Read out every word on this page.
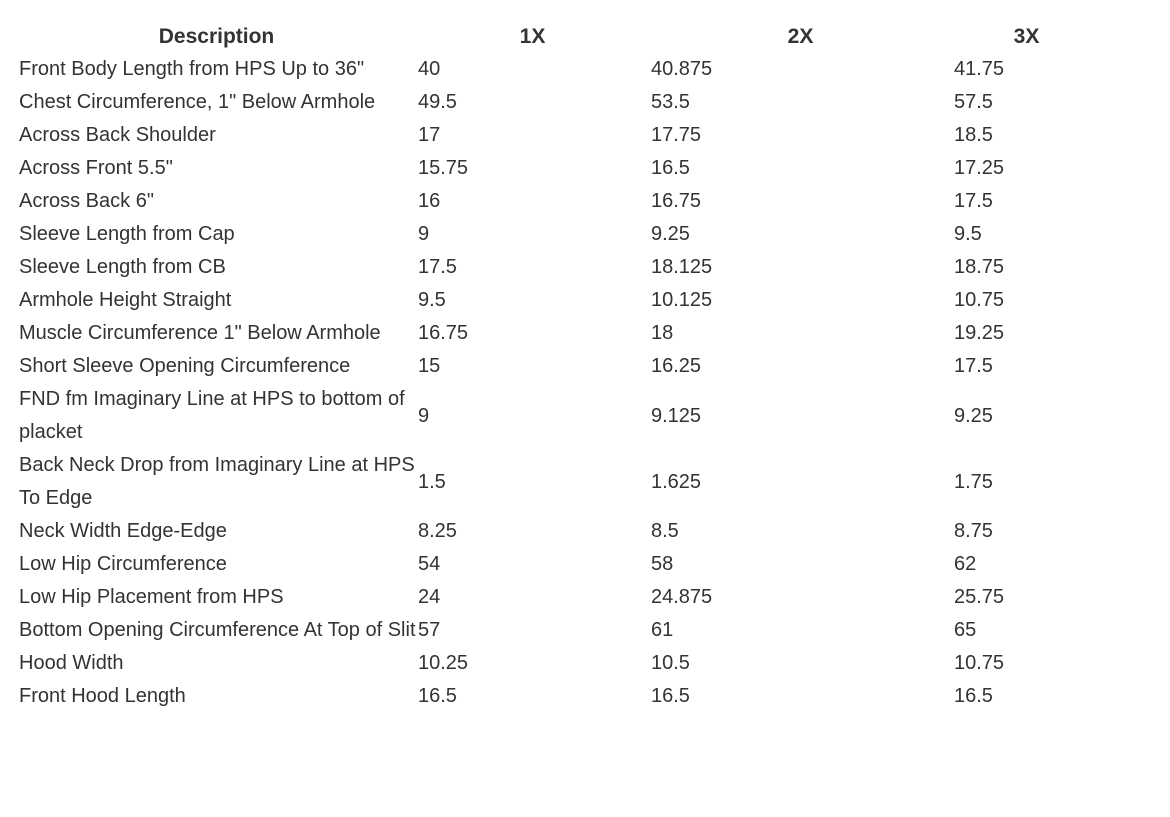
Description	1X	2X	3X
Front Body Length from HPS Up to 36"	40	40.875	41.75
Chest Circumference, 1" Below Armhole	49.5	53.5	57.5
Across Back Shoulder	17	17.75	18.5
Across Front 5.5"	15.75	16.5	17.25
Across Back 6"	16	16.75	17.5
Sleeve Length from Cap	9	9.25	9.5
Sleeve Length from CB	17.5	18.125	18.75
Armhole Height Straight	9.5	10.125	10.75
Muscle Circumference 1" Below Armhole	16.75	18	19.25
Short Sleeve Opening Circumference	15	16.25	17.5
FND fm Imaginary Line at HPS to bottom of placket	9	9.125	9.25
Back Neck Drop from Imaginary Line at HPS To Edge	1.5	1.625	1.75
Neck Width Edge-Edge	8.25	8.5	8.75
Low Hip Circumference	54	58	62
Low Hip Placement from HPS	24	24.875	25.75
Bottom Opening Circumference At Top of Slit	57	61	65
Hood Width	10.25	10.5	10.75
Front Hood Length	16.5	16.5	16.5
